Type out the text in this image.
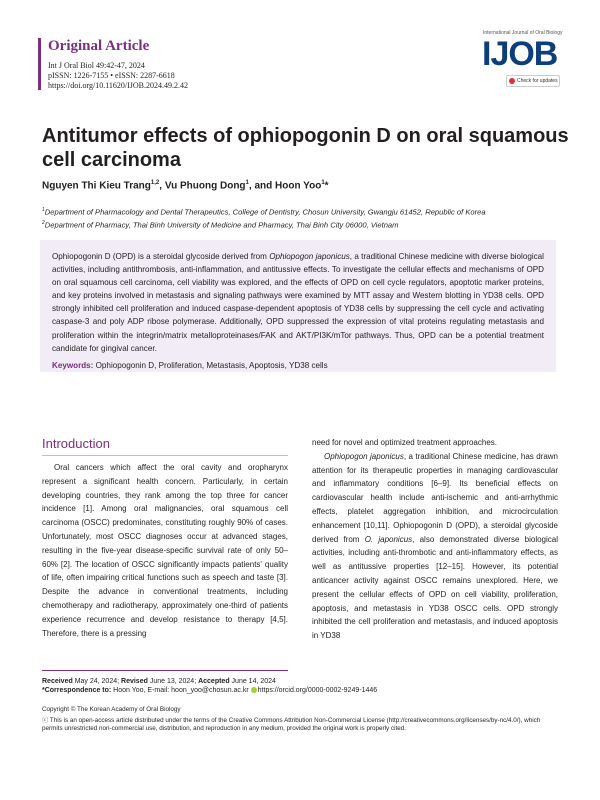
Original Article
Int J Oral Biol 49:42-47, 2024
pISSN: 1226-7155 • eISSN: 2287-6618
https://doi.org/10.11620/IJOB.2024.49.2.42
International Journal of Oral Biology
IJOB
Check for updates
Antitumor effects of ophiopogonin D on oral squamous cell carcinoma
Nguyen Thi Kieu Trang$^{1,2}$, Vu Phuong Dong$^1$, and Hoon Yoo$^1$*
$^1$Department of Pharmacology and Dental Therapeutics, College of Dentistry, Chosun University, Gwangju 61452, Republic of Korea
$^2$Department of Pharmacy, Thai Binh University of Medicine and Pharmacy, Thai Binh City 06000, Vietnam

Ophiopogonin D (OPD) is a steroidal glycoside derived from Ophiopogon japonicus, a traditional Chinese medicine with diverse biological activities, including antithrombosis, anti-inflammation, and antitussive effects. To investigate the cellular effects and mechanisms of OPD on oral squamous cell carcinoma, cell viability was explored, and the effects of OPD on cell cycle regulators, apoptotic marker proteins, and key proteins involved in metastasis and signaling pathways were examined by MTT assay and Western blotting in YD38 cells. OPD strongly inhibited cell proliferation and induced caspase-dependent apoptosis of YD38 cells by suppressing the cell cycle and activating caspase-3 and poly ADP ribose polymerase. Additionally, OPD suppressed the expression of vital proteins regulating metastasis and proliferation within the integrin/matrix metalloproteinases/FAK and AKT/PI3K/mTor pathways. Thus, OPD can be a potential treatment candidate for gingival cancer.

Keywords: Ophiopogonin D, Proliferation, Metastasis, Apoptosis, YD38 cells
Introduction

Oral cancers which affect the oral cavity and oropharynx represent a significant health concern. Particularly, in certain developing countries, they rank among the top three for cancer incidence [1]. Among oral malignancies, oral squamous cell carcinoma (OSCC) predominates, constituting roughly 90% of cases. Unfortunately, most OSCC diagnoses occur at advanced stages, resulting in the five-year disease-specific survival rate of only 50–60% [2]. The location of OSCC significantly impacts patients' quality of life, often impairing critical functions such as speech and taste [3]. Despite the advance in conventional treatments, including chemotherapy and radiotherapy, approximately one-third of patients experience recurrence and develop resistance to therapy [4,5]. Therefore, there is a pressing

need for novel and optimized treatment approaches.

Ophiopogon japonicus, a traditional Chinese medicine, has drawn attention for its therapeutic properties in managing cardiovascular and inflammatory conditions [6–9]. Its beneficial effects on cardiovascular health include anti-ischemic and anti-arrhythmic effects, platelet aggregation inhibition, and microcirculation enhancement [10,11]. Ophiopogonin D (OPD), a steroidal glycoside derived from O. japonicus, also demonstrated diverse biological activities, including anti-thrombotic and anti-inflammatory effects, as well as antitussive properties [12–15]. However, its potential anticancer activity against OSCC remains unexplored. Here, we present the cellular effects of OPD on cell viability, proliferation, apoptosis, and metastasis in YD38 OSCC cells. OPD strongly inhibited the cell proliferation and metastasis, and induced apoptosis in YD38

Received May 24, 2024; Revised June 13, 2024; Accepted June 14, 2024
*Correspondence to: Hoon Yoo, E-mail: hoon_yoo@chosun.ac.kr https://orcid.org/0000-0002-9249-1446
Copyright © The Korean Academy of Oral Biology
ⓒ This is an open-access article distributed under the terms of the Creative Commons Attribution Non-Commercial License (http://creativecommons.org/licenses/by-nc/4.0/), which permits unrestricted non-commercial use, distribution, and reproduction in any medium, provided the original work is properly cited.
